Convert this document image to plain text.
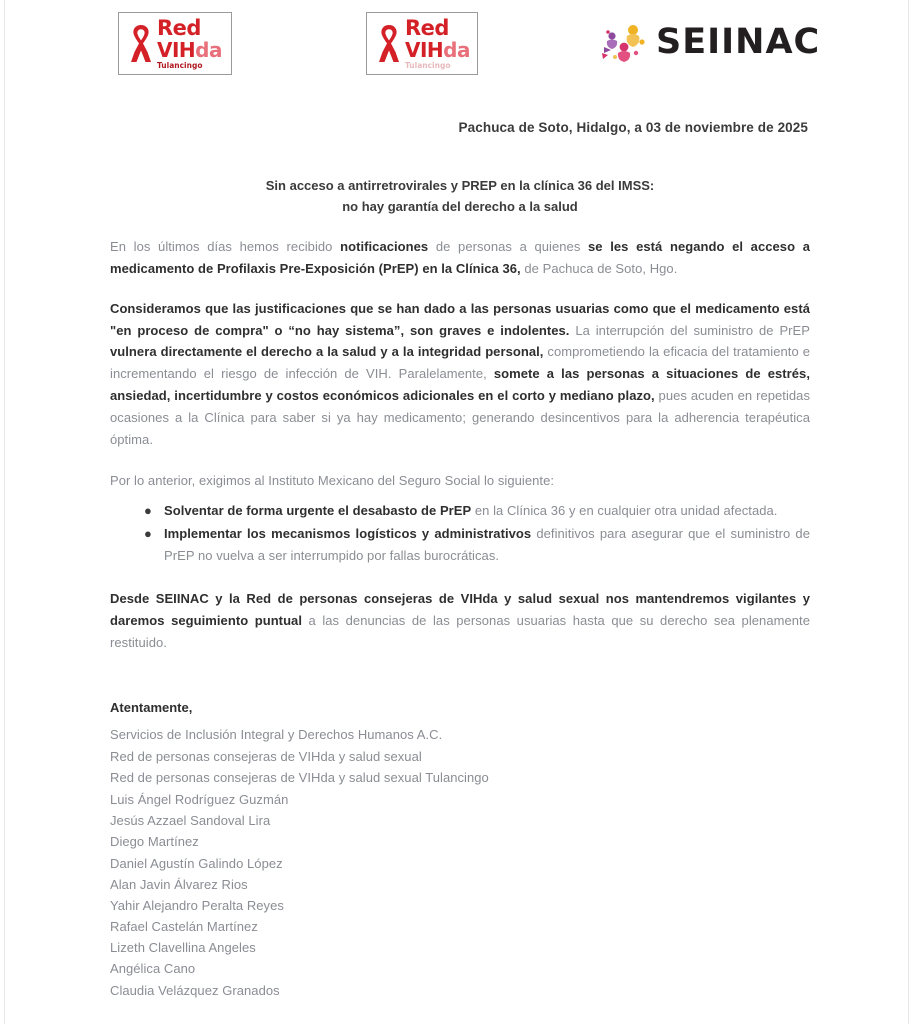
Red
VIHda
Tulancingo
Red
VIHda
Tulancingo
SEIINAC
Pachuca de Soto, Hidalgo, a 03 de noviembre de 2025
Sin acceso a antirretrovirales y PREP en la clínica 36 del IMSS:
no hay garantía del derecho a la salud

En los últimos días hemos recibido notificaciones de personas a quienes se les está negando el acceso a medicamento de Profilaxis Pre-Exposición (PrEP) en la Clínica 36, de Pachuca de Soto, Hgo.

Consideramos que las justificaciones que se han dado a las personas usuarias como que el medicamento está "en proceso de compra" o “no hay sistema”, son graves e indolentes. La interrupción del suministro de PrEP vulnera directamente el derecho a la salud y a la integridad personal, comprometiendo la eficacia del tratamiento e incrementando el riesgo de infección de VIH. Paralelamente, somete a las personas a situaciones de estrés, ansiedad, incertidumbre y costos económicos adicionales en el corto y mediano plazo, pues acuden en repetidas ocasiones a la Clínica para saber si ya hay medicamento; generando desincentivos para la adherencia terapéutica óptima.

Por lo anterior, exigimos al Instituto Mexicano del Seguro Social lo siguiente:

● Solventar de forma urgente el desabasto de PrEP en la Clínica 36 y en cualquier otra unidad afectada.
● Implementar los mecanismos logísticos y administrativos definitivos para asegurar que el suministro de PrEP no vuelva a ser interrumpido por fallas burocráticas.

Desde SEIINAC y la Red de personas consejeras de VIHda y salud sexual nos mantendremos vigilantes y daremos seguimiento puntual a las denuncias de las personas usuarias hasta que su derecho sea plenamente restituido.

Atentamente,

Servicios de Inclusión Integral y Derechos Humanos A.C.

Red de personas consejeras de VIHda y salud sexual

Red de personas consejeras de VIHda y salud sexual Tulancingo

Luis Ángel Rodríguez Guzmán

Jesús Azzael Sandoval Lira

Diego Martínez

Daniel Agustín Galindo López

Alan Javin Álvarez Rios

Yahir Alejandro Peralta Reyes

Rafael Castelán Martínez

Lizeth Clavellina Angeles

Angélica Cano

Claudia Velázquez Granados
